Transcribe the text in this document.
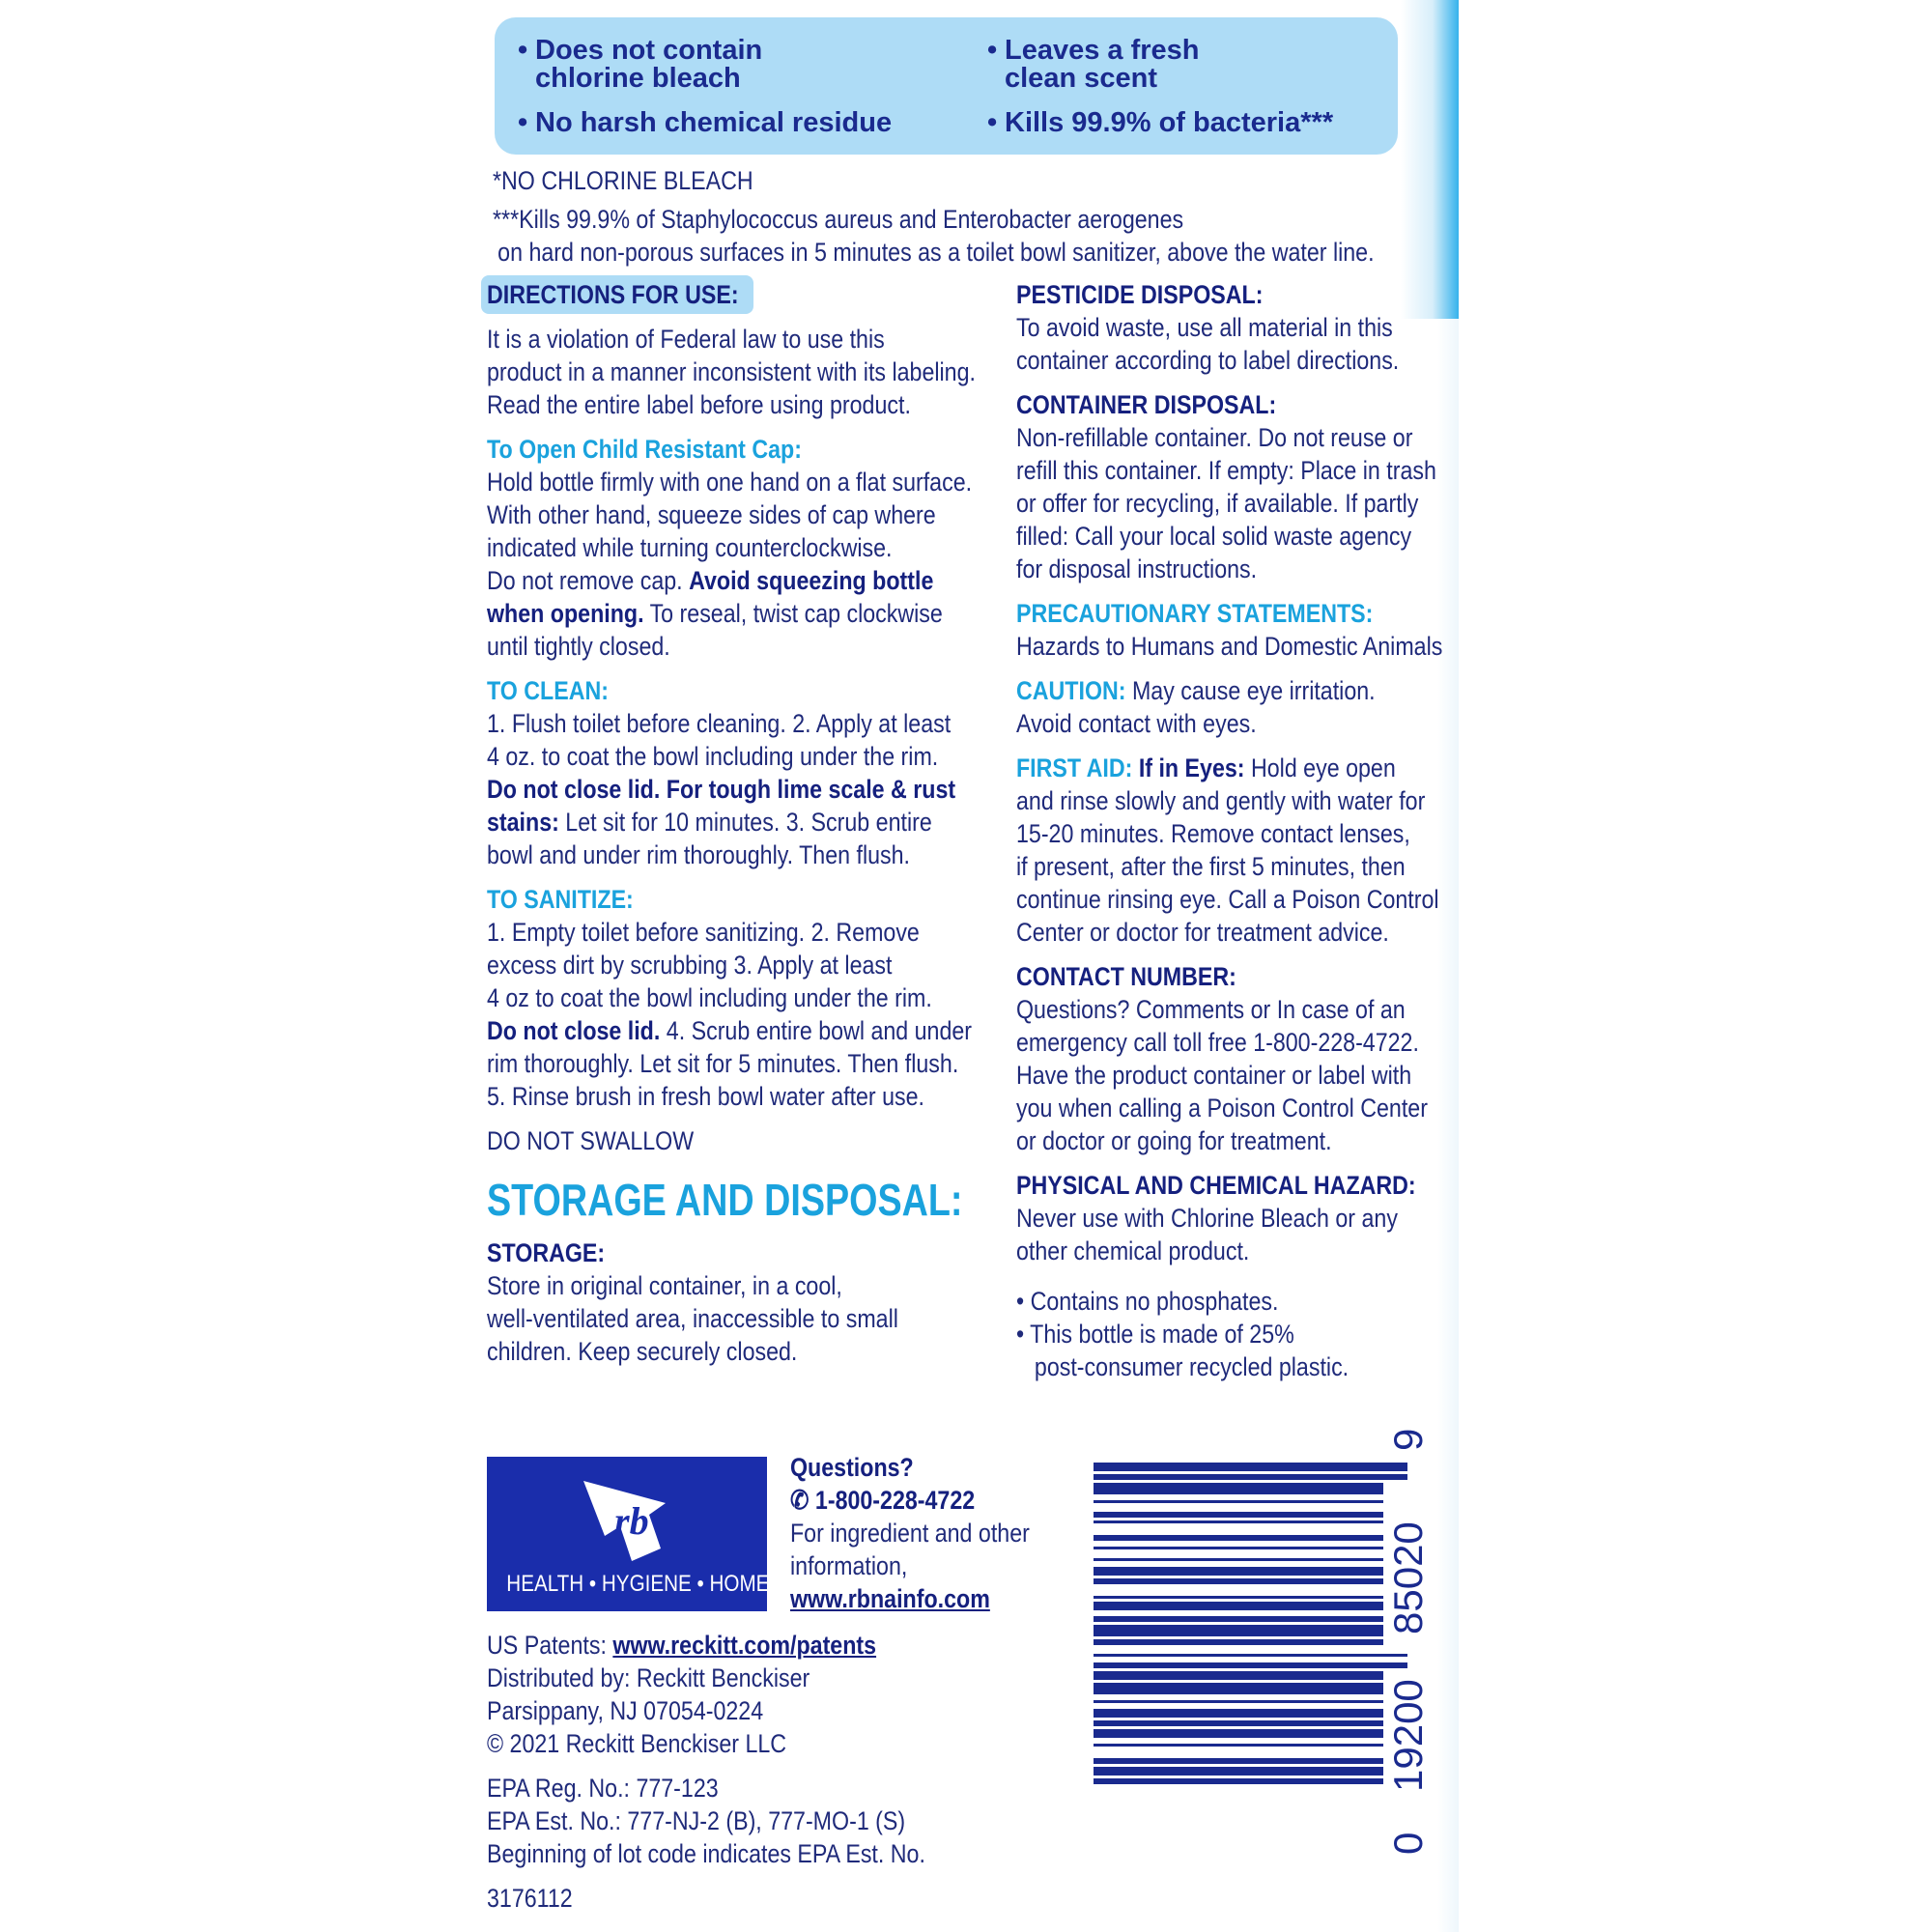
• Does not contain
chlorine bleach
• No harsh chemical residue
• Leaves a fresh
clean scent
• Kills 99.9% of bacteria***

*NO CHLORINE BLEACH

***Kills 99.9% of Staphylococcus aureus and Enterobacter aerogenes

on hard non-porous surfaces in 5 minutes as a toilet bowl sanitizer, above the water line.

DIRECTIONS FOR USE:

It is a violation of Federal law to use this

product in a manner inconsistent with its labeling.

Read the entire label before using product.

To Open Child Resistant Cap:

Hold bottle firmly with one hand on a flat surface.

With other hand, squeeze sides of cap where

indicated while turning counterclockwise.

Do not remove cap. Avoid squeezing bottle

when opening. To reseal, twist cap clockwise

until tightly closed.

TO CLEAN:

1. Flush toilet before cleaning. 2. Apply at least

4 oz. to coat the bowl including under the rim.

Do not close lid. For tough lime scale & rust

stains: Let sit for 10 minutes. 3. Scrub entire

bowl and under rim thoroughly. Then flush.

TO SANITIZE:

1. Empty toilet before sanitizing. 2. Remove

excess dirt by scrubbing 3. Apply at least

4 oz to coat the bowl including under the rim.

Do not close lid. 4. Scrub entire bowl and under

rim thoroughly. Let sit for 5 minutes. Then flush.

5. Rinse brush in fresh bowl water after use.

DO NOT SWALLOW

STORAGE AND DISPOSAL:

STORAGE:

Store in original container, in a cool,

well-ventilated area, inaccessible to small

children. Keep securely closed.

PESTICIDE DISPOSAL:

To avoid waste, use all material in this

container according to label directions.

CONTAINER DISPOSAL:

Non-refillable container. Do not reuse or

refill this container. If empty: Place in trash

or offer for recycling, if available. If partly

filled: Call your local solid waste agency

for disposal instructions.

PRECAUTIONARY STATEMENTS:

Hazards to Humans and Domestic Animals

CAUTION: May cause eye irritation.

Avoid contact with eyes.

FIRST AID: If in Eyes: Hold eye open

and rinse slowly and gently with water for

15-20 minutes. Remove contact lenses,

if present, after the first 5 minutes, then

continue rinsing eye. Call a Poison Control

Center or doctor for treatment advice.

CONTACT NUMBER:

Questions? Comments or In case of an

emergency call toll free 1-800-228-4722.

Have the product container or label with

you when calling a Poison Control Center

or doctor or going for treatment.

PHYSICAL AND CHEMICAL HAZARD:

Never use with Chlorine Bleach or any

other chemical product.

• Contains no phosphates.

• This bottle is made of 25%

post-consumer recycled plastic.

rb
HEALTH • HYGIENE • HOME

Questions?

✆ 1-800-228-4722

For ingredient and other

information,

www.rbnainfo.com

US Patents: www.reckitt.com/patents

Distributed by: Reckitt Benckiser

Parsippany, NJ 07054-0224

© 2021 Reckitt Benckiser LLC

EPA Reg. No.: 777-123

EPA Est. No.: 777-NJ-2 (B), 777-MO-1 (S)

Beginning of lot code indicates EPA Est. No.

3176112

0
19200
85020
9
